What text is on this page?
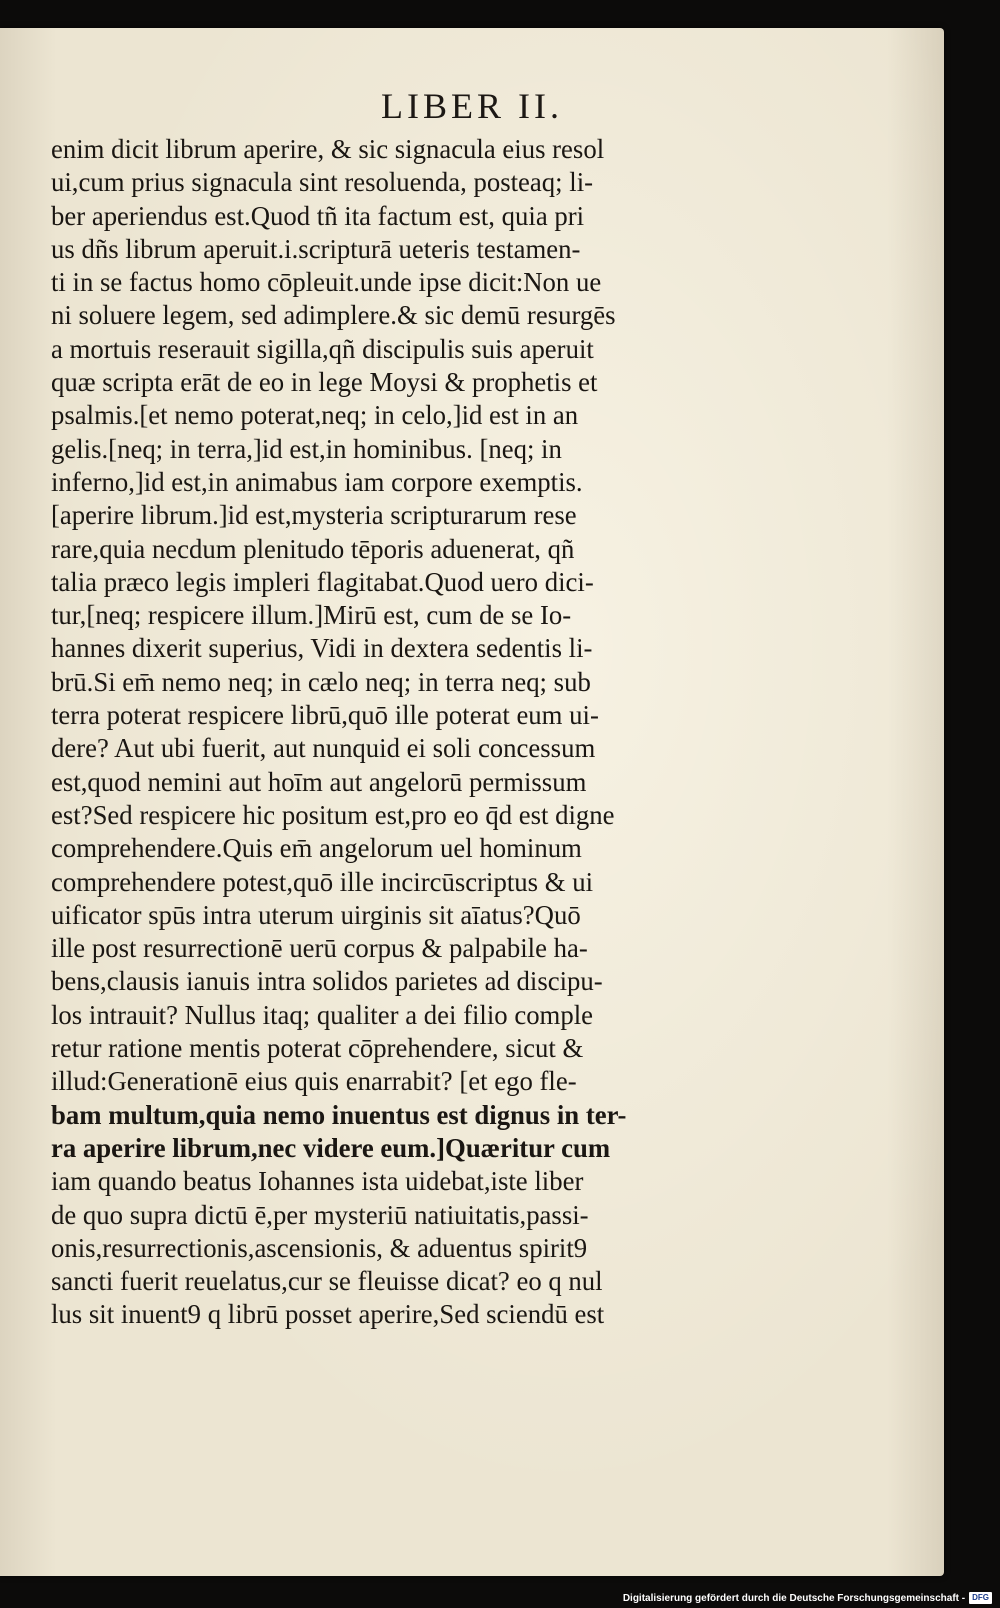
LIBER II.
enim dicit librum aperire, & sic signacula eius resol
ui,cum prius signacula sint resoluenda, posteaq; li-
ber aperiendus est.Quod tñ ita factum est, quia pri
us dñs librum aperuit.i.scripturā ueteris testamen-
ti in se factus homo cōpleuit.unde ipse dicit:Non ue
ni soluere legem, sed adimplere.& sic demū resurgēs
a mortuis reserauit sigilla,qñ discipulis suis aperuit
quæ scripta erāt de eo in lege Moysi & prophetis et
psalmis.[et nemo poterat,neq; in celo,]id est in an
gelis.[neq; in terra,]id est,in hominibus. [neq; in
inferno,]id est,in animabus iam corpore exemptis.
[aperire librum.]id est,mysteria scripturarum rese
rare,quia necdum plenitudo tēporis aduenerat, qñ
talia præco legis impleri flagitabat.Quod uero dici-
tur,[neq; respicere illum.]Mirū est, cum de se Io-
hannes dixerit superius, Vidi in dextera sedentis li-
brū.Si em̄ nemo neq; in cælo neq; in terra neq; sub
terra poterat respicere librū,quō ille poterat eum ui-
dere? Aut ubi fuerit, aut nunquid ei soli concessum
est,quod nemini aut hoīm aut angelorū permissum
est?Sed respicere hic positum est,pro eo q̄d est digne
comprehendere.Quis em̄ angelorum uel hominum
comprehendere potest,quō ille incircūscriptus & ui
uificator spūs intra uterum uirginis sit aīatus?Quō
ille post resurrectionē uerū corpus & palpabile ha-
bens,clausis ianuis intra solidos parietes ad discipu-
los intrauit? Nullus itaq; qualiter a dei filio comple
retur ratione mentis poterat cōprehendere, sicut &
illud:Generationē eius quis enarrabit? [et ego fle-
bam multum,quia nemo inuentus est dignus in ter-
ra aperire librum,nec videre eum.]Quæritur cum
iam quando beatus Iohannes ista uidebat,iste liber
de quo supra dictū ē,per mysteriū natiuitatis,passi-
onis,resurrectionis,ascensionis, & aduentus spirit9
sancti fuerit reuelatus,cur se fleuisse dicat? eo q nul
lus sit inuent9 q librū posset aperire,Sed sciendū est
Digitalisierung gefördert durch die Deutsche Forschungsgemeinschaft - DFG
